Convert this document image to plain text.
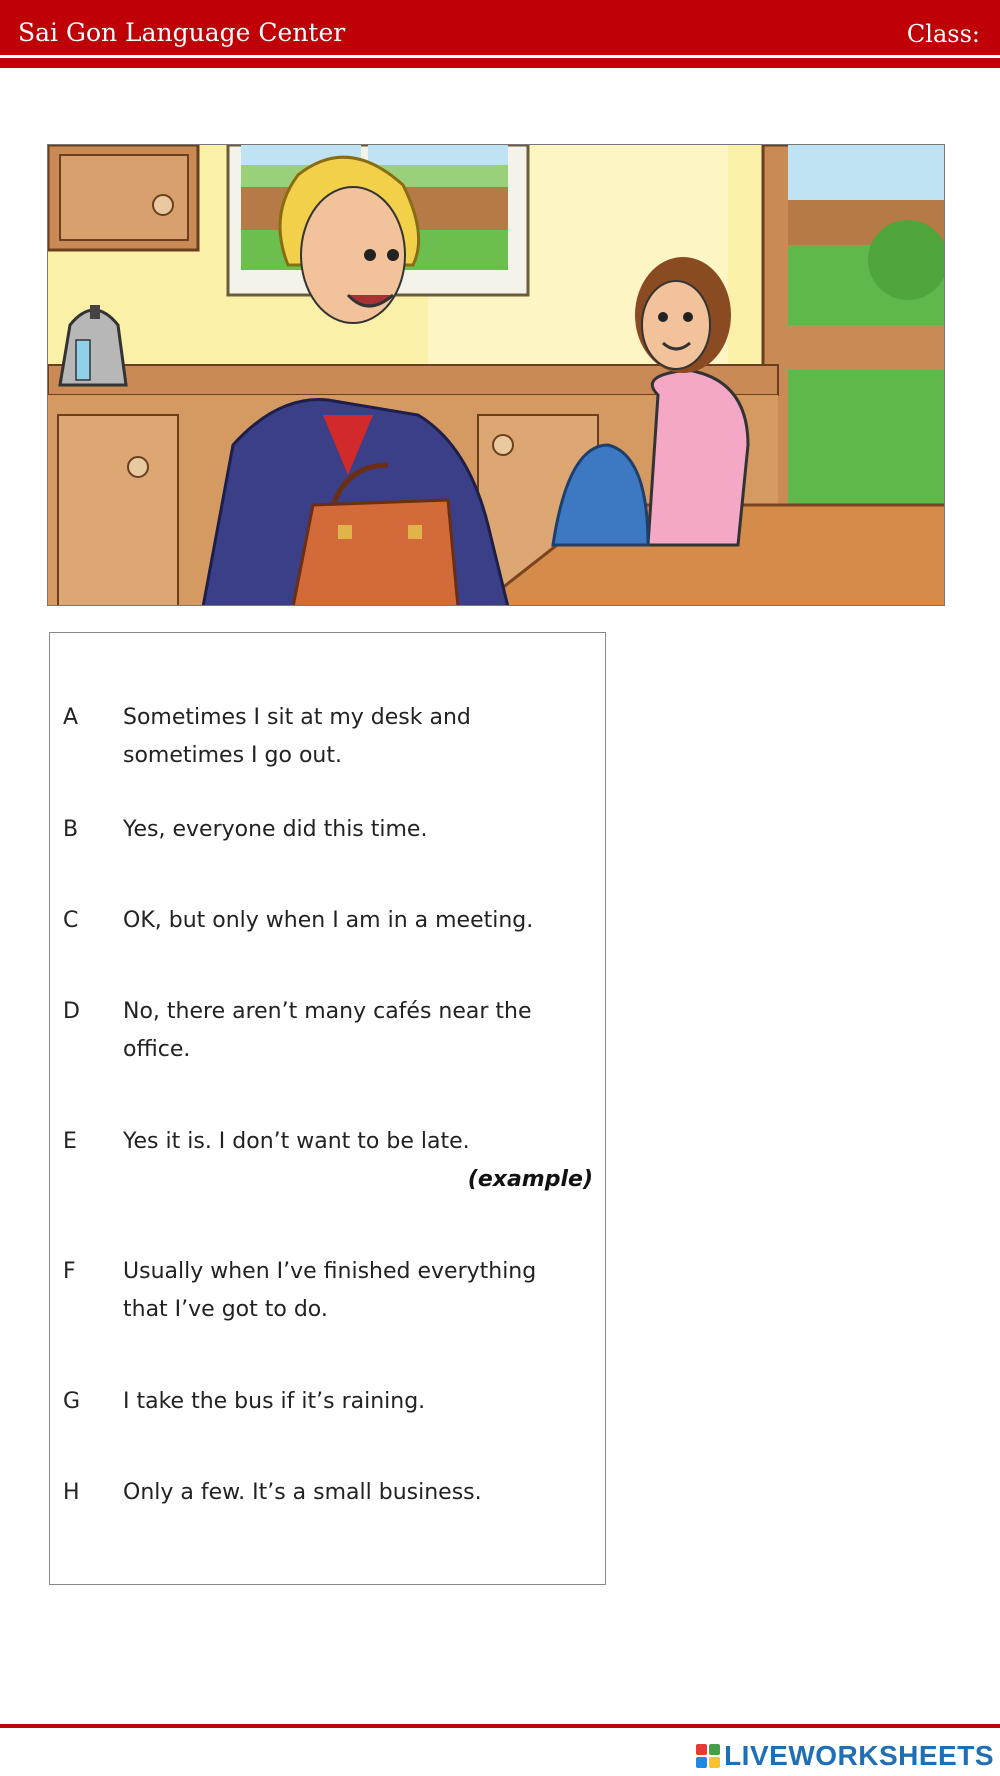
Sai Gon Language Center	Class:
A Sometimes I sit at my desk and
sometimes I go out.
B Yes, everyone did this time.
C OK, but only when I am in a meeting.
D No, there aren’t many cafés near the
office.
E Yes it is. I don’t want to be late.
(example)
F Usually when I’ve finished everything
that I’ve got to do.
G I take the bus if it’s raining.
H Only a few. It’s a small business.
LIVEWORKSHEETS
